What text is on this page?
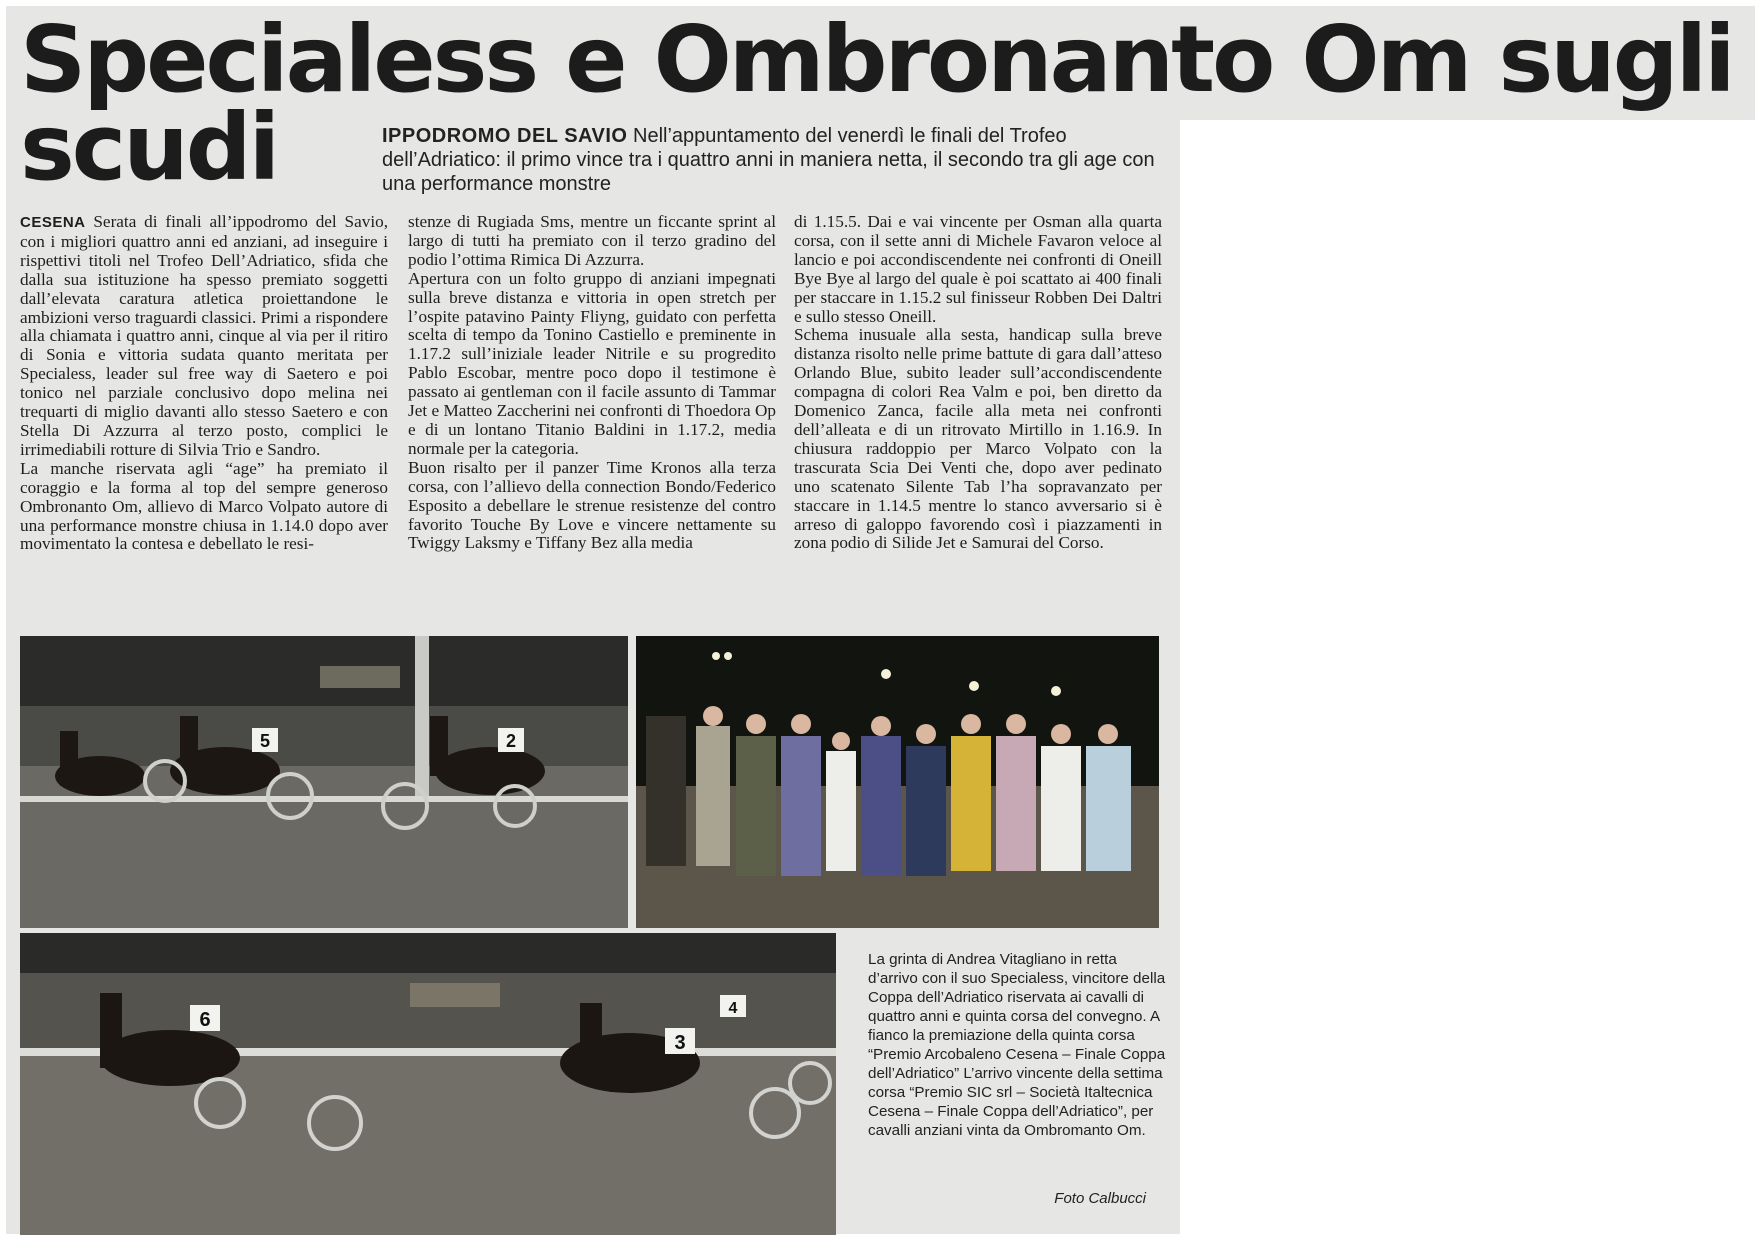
Specialess e Ombronanto Om sugli
scudi	IPPODROMO DEL SAVIO Nell’appuntamento del venerdì le finali del Trofeo dell’Adriatico: il primo vince tra i quattro anni in maniera netta, il secondo tra gli age con una performance monstre

CESENA Serata di finali all’ippodromo del Savio, con i migliori quattro anni ed anziani, ad inseguire i rispettivi titoli nel Trofeo Dell’Adriatico, sfida che dalla sua istituzione ha spesso premiato soggetti dall’elevata caratura atletica proiettandone le ambizioni verso traguardi classici. Primi a rispondere alla chiamata i quattro anni, cinque al via per il ritiro di Sonia e vittoria sudata quanto meritata per Specialess, leader sul free way di Saetero e poi tonico nel parziale conclusivo dopo melina nei trequarti di miglio davanti allo stesso Saetero e con Stella Di Azzurra al terzo posto, complici le irrimediabili rotture di Silvia Trio e Sandro.

La manche riservata agli “age” ha premiato il coraggio e la forma al top del sempre generoso Ombronanto Om, allievo di Marco Volpato autore di una performance monstre chiusa in 1.14.0 dopo aver movimentato la contesa e debellato le resi-

stenze di Rugiada Sms, mentre un ficcante sprint al largo di tutti ha premiato con il terzo gradino del podio l’ottima Rimica Di Azzurra.

Apertura con un folto gruppo di anziani impegnati sulla breve distanza e vittoria in open stretch per l’ospite patavino Painty Fliyng, guidato con perfetta scelta di tempo da Tonino Castiello e preminente in 1.17.2 sull’iniziale leader Nitrile e su progredito Pablo Escobar, mentre poco dopo il testimone è passato ai gentleman con il facile assunto di Tammar Jet e Matteo Zaccherini nei confronti di Thoedora Op e di un lontano Titanio Baldini in 1.17.2, media normale per la categoria.

Buon risalto per il panzer Time Kronos alla terza corsa, con l’allievo della connection Bondo/Federico Esposito a debellare le strenue resistenze del contro favorito Touche By Love e vincere nettamente su Twiggy Laksmy e Tiffany Bez alla media

di 1.15.5. Dai e vai vincente per Osman alla quarta corsa, con il sette anni di Michele Favaron veloce al lancio e poi accondiscendente nei confronti di Oneill Bye Bye al largo del quale è poi scattato ai 400 finali per staccare in 1.15.2 sul finisseur Robben Dei Daltri e sullo stesso Oneill.

Schema inusuale alla sesta, handicap sulla breve distanza risolto nelle prime battute di gara dall’atteso Orlando Blue, subito leader sull’accondiscendente compagna di colori Rea Valm e poi, ben diretto da Domenico Zanca, facile alla meta nei confronti dell’alleata e di un ritrovato Mirtillo in 1.16.9. In chiusura raddoppio per Marco Volpato con la trascurata Scia Dei Venti che, dopo aver pedinato uno scatenato Silente Tab l’ha sopravanzato per staccare in 1.14.5 mentre lo stanco avversario si è arreso di galoppo favorendo così i piazzamenti in zona podio di Silide Jet e Samurai del Corso.

5	2
6
3
4
La grinta di Andrea Vitagliano in retta d’arrivo con il suo Specialess, vincitore della Coppa dell’Adriatico riservata ai cavalli di quattro anni e quinta corsa del convegno. A fianco la premiazione della quinta corsa “Premio Arcobaleno Cesena – Finale Coppa dell’Adriatico” L’arrivo vincente della settima corsa “Premio SIC srl – Società Italtecnica Cesena – Finale Coppa dell’Adriatico”, per cavalli anziani vinta da Ombromanto Om.
Foto Calbucci
